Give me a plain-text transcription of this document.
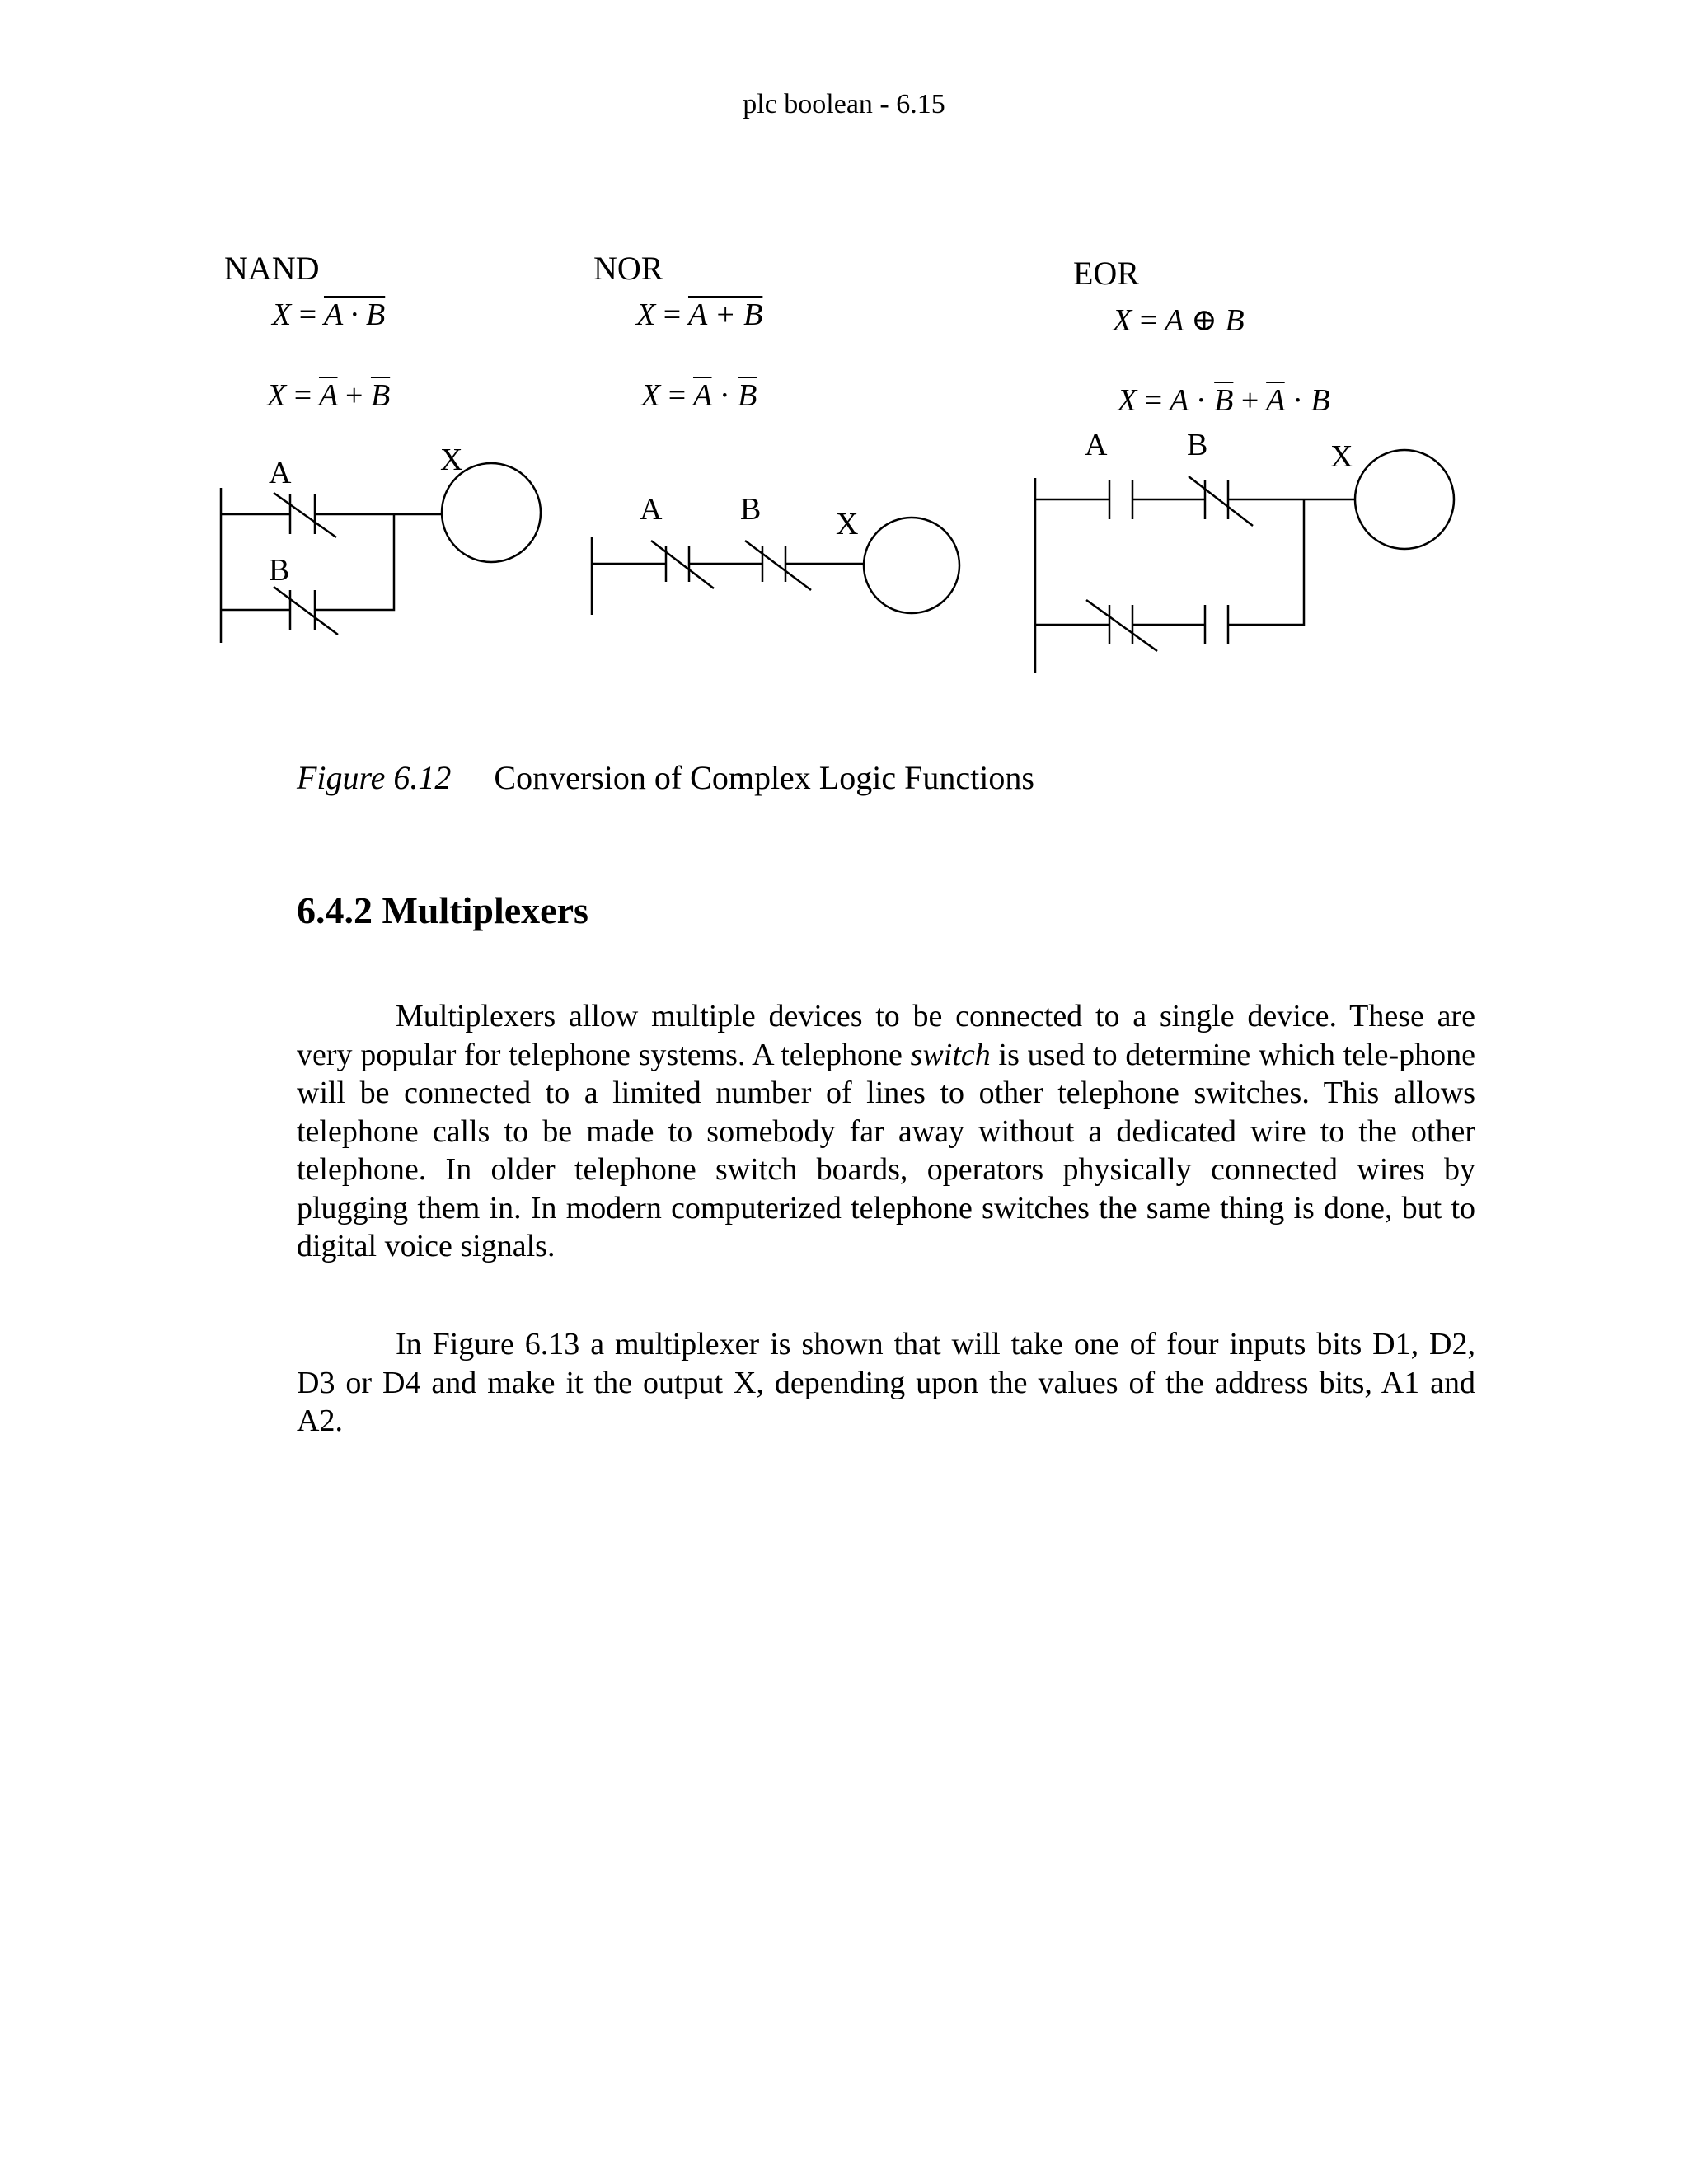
plc boolean - 6.15
NAND
X = A · B
$X = \overline{A} + \overline{B}$
A
B
X
NOR
X = A + B
$X = \overline{A} \cdot \overline{B}$
A B X
EOR
X = A ⊕ B
$X = A \cdot \overline{B} + \overline{A} \cdot B$
A	B	X
Figure 6.12 Conversion of Complex Logic Functions
6.4.2 Multiplexers
Multiplexers allow multiple devices to be connected to a single device. These are very popular for telephone systems. A telephone switch is used to determine which tele-phone will be connected to a limited number of lines to other telephone switches. This allows telephone calls to be made to somebody far away without a dedicated wire to the other telephone. In older telephone switch boards, operators physically connected wires by plugging them in. In modern computerized telephone switches the same thing is done, but to digital voice signals.
In Figure 6.13 a multiplexer is shown that will take one of four inputs bits D1, D2, D3 or D4 and make it the output X, depending upon the values of the address bits, A1 and A2.
